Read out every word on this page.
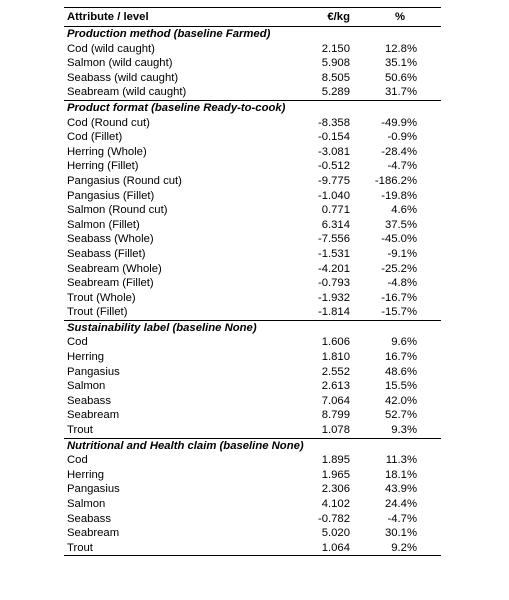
Attribute / level	€/kg	%
Production method (baseline Farmed)		
Cod (wild caught)	2.150	12.8%
Salmon (wild caught)	5.908	35.1%
Seabass (wild caught)	8.505	50.6%
Seabream (wild caught)	5.289	31.7%
Product format (baseline Ready-to-cook)		
Cod (Round cut)	-8.358	-49.9%
Cod (Fillet)	-0.154	-0.9%
Herring (Whole)	-3.081	-28.4%
Herring (Fillet)	-0.512	-4.7%
Pangasius (Round cut)	-9.775	-186.2%
Pangasius (Fillet)	-1.040	-19.8%
Salmon (Round cut)	0.771	4.6%
Salmon (Fillet)	6.314	37.5%
Seabass (Whole)	-7.556	-45.0%
Seabass (Fillet)	-1.531	-9.1%
Seabream (Whole)	-4.201	-25.2%
Seabream (Fillet)	-0.793	-4.8%
Trout (Whole)	-1.932	-16.7%
Trout (Fillet)	-1.814	-15.7%
Sustainability label (baseline None)		
Cod	1.606	9.6%
Herring	1.810	16.7%
Pangasius	2.552	48.6%
Salmon	2.613	15.5%
Seabass	7.064	42.0%
Seabream	8.799	52.7%
Trout	1.078	9.3%
Nutritional and Health claim (baseline None)		
Cod	1.895	11.3%
Herring	1.965	18.1%
Pangasius	2.306	43.9%
Salmon	4.102	24.4%
Seabass	-0.782	-4.7%
Seabream	5.020	30.1%
Trout	1.064	9.2%
